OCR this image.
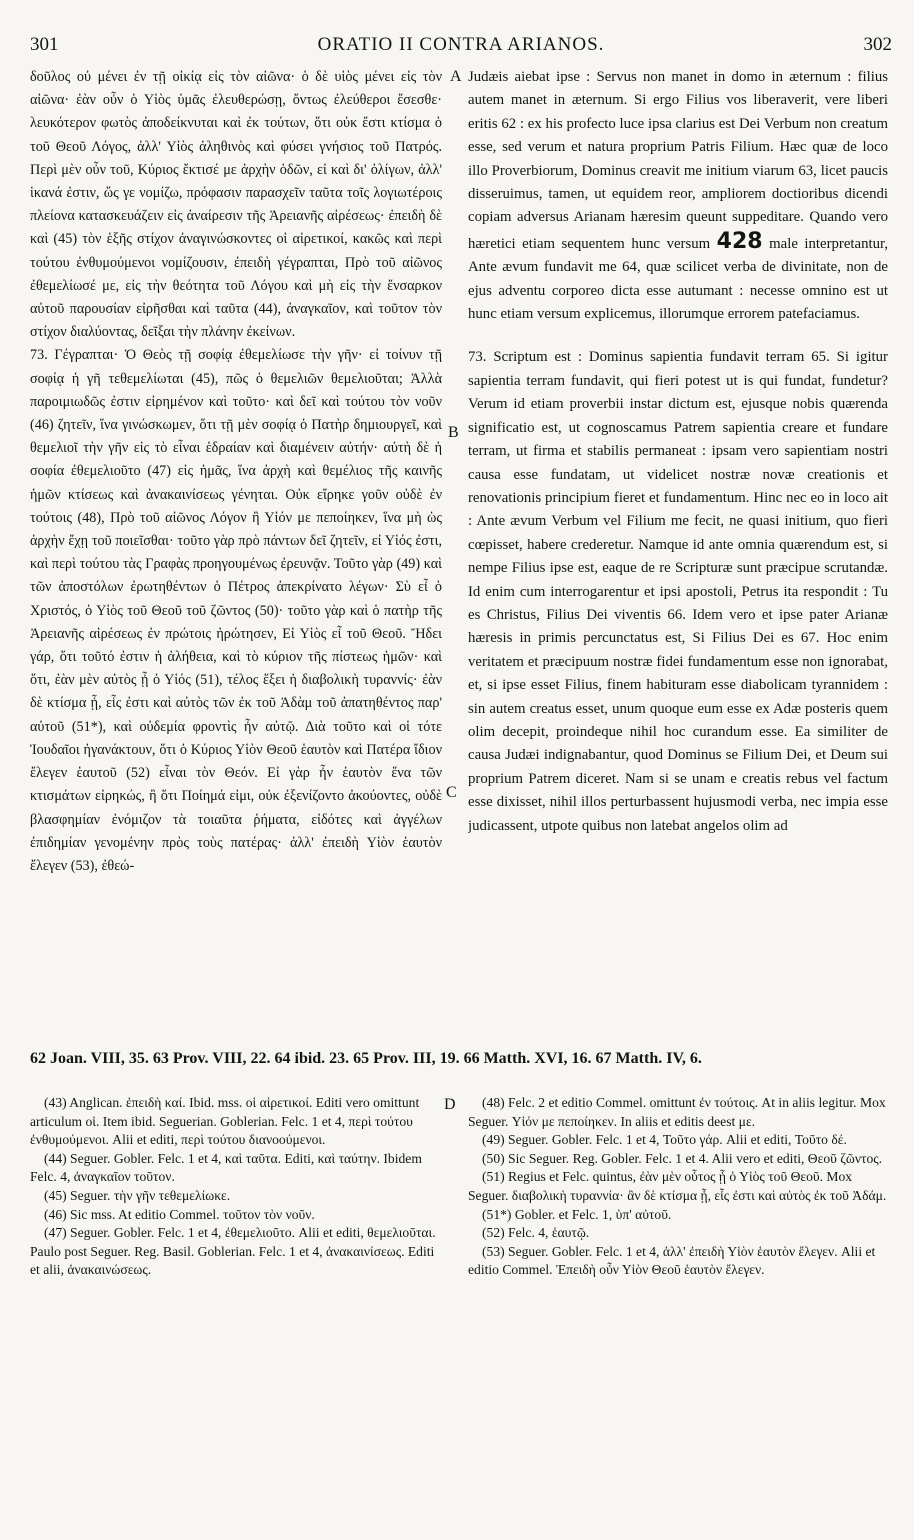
301	ORATIO II CONTRA ARIANOS.	302

δοῦλος οὐ μένει ἐν τῇ οἰκίᾳ εἰς τὸν αἰῶνα· ὁ δὲ υἱὸς μένει εἰς τὸν αἰῶνα· ἐὰν οὖν ὁ Υἱὸς ὑμᾶς ἐλευθερώσῃ, ὄντως ἐλεύθεροι ἔσεσθε· λευκότερον φωτὸς ἀποδείκνυται καὶ ἐκ τούτων, ὅτι οὐκ ἔστι κτίσμα ὁ τοῦ Θεοῦ Λόγος, ἀλλ' Υἱὸς ἀληθινὸς καὶ φύσει γνήσιος τοῦ Πατρός. Περὶ μὲν οὖν τοῦ, Κύριος ἔκτισέ με ἀρχὴν ὁδῶν, εἰ καὶ δι' ὀλίγων, ἀλλ' ἱκανά ἐστιν, ὥς γε νομίζω, πρόφασιν παρασχεῖν ταῦτα τοῖς λογιωτέροις πλείονα κατασκευάζειν εἰς ἀναίρεσιν τῆς Ἀρειανῆς αἱρέσεως· ἐπειδὴ δὲ καὶ (45) τὸν ἑξῆς στίχον ἀναγινώσκοντες οἱ αἱρετικοί, κακῶς καὶ περὶ τούτου ἐνθυμούμενοι νομίζουσιν, ἐπειδὴ γέγραπται, Πρὸ τοῦ αἰῶνος ἐθεμελίωσέ με, εἰς τὴν θεότητα τοῦ Λόγου καὶ μὴ εἰς τὴν ἔνσαρκον αὐτοῦ παρουσίαν εἰρῆσθαι καὶ ταῦτα (44), ἀναγκαῖον, καὶ τοῦτον τὸν στίχον διαλύοντας, δεῖξαι τὴν πλάνην ἐκείνων.

73. Γέγραπται· Ὁ Θεὸς τῇ σοφίᾳ ἐθεμελίωσε τὴν γῆν· εἰ τοίνυν τῇ σοφίᾳ ἡ γῆ τεθεμελίωται (45), πῶς ὁ θεμελιῶν θεμελιοῦται; Ἀλλὰ παροιμιωδῶς ἐστιν εἰρημένον καὶ τοῦτο· καὶ δεῖ καὶ τούτου τὸν νοῦν (46) ζητεῖν, ἵνα γινώσκωμεν, ὅτι τῇ μὲν σοφίᾳ ὁ Πατὴρ δημιουργεῖ, καὶ θεμελιοῖ τὴν γῆν εἰς τὸ εἶναι ἑδραίαν καὶ διαμένειν αὐτήν· αὐτὴ δὲ ἡ σοφία ἐθεμελιοῦτο (47) εἰς ἡμᾶς, ἵνα ἀρχὴ καὶ θεμέλιος τῆς καινῆς ἡμῶν κτίσεως καὶ ἀνακαινίσεως γένηται. Οὐκ εἴρηκε γοῦν οὐδὲ ἐν τούτοις (48), Πρὸ τοῦ αἰῶνος Λόγον ἢ Υἱόν με πεποίηκεν, ἵνα μὴ ὡς ἀρχὴν ἔχῃ τοῦ ποιεῖσθαι· τοῦτο γὰρ πρὸ πάντων δεῖ ζητεῖν, εἰ Υἱός ἐστι, καὶ περὶ τούτου τὰς Γραφὰς προηγουμένως ἐρευνᾷν. Τοῦτο γὰρ (49) καὶ τῶν ἀποστόλων ἐρωτηθέντων ὁ Πέτρος ἀπεκρίνατο λέγων· Σὺ εἶ ὁ Χριστός, ὁ Υἱὸς τοῦ Θεοῦ τοῦ ζῶντος (50)· τοῦτο γὰρ καὶ ὁ πατὴρ τῆς Ἀρειανῆς αἱρέσεως ἐν πρώτοις ἠρώτησεν, Εἰ Υἱὸς εἶ τοῦ Θεοῦ. Ἤδει γάρ, ὅτι τοῦτό ἐστιν ἡ ἀλήθεια, καὶ τὸ κύριον τῆς πίστεως ἡμῶν· καὶ ὅτι, ἐὰν μὲν αὐτὸς ᾖ ὁ Υἱός (51), τέλος ἕξει ἡ διαβολικὴ τυραννίς· ἐὰν δὲ κτίσμα ᾖ, εἷς ἐστι καὶ αὐτὸς τῶν ἐκ τοῦ Ἀδὰμ τοῦ ἀπατηθέντος παρ' αὐτοῦ (51*), καὶ οὐδεμία φροντὶς ἦν αὐτῷ. Διὰ τοῦτο καὶ οἱ τότε Ἰουδαῖοι ἠγανάκτουν, ὅτι ὁ Κύριος Υἱὸν Θεοῦ ἑαυτὸν καὶ Πατέρα ἴδιον ἔλεγεν ἑαυτοῦ (52) εἶναι τὸν Θεόν. Εἰ γὰρ ἦν ἑαυτὸν ἕνα τῶν κτισμάτων εἰρηκώς, ἢ ὅτι Ποίημά εἰμι, οὐκ ἐξενίζοντο ἀκούοντες, οὐδὲ βλασφημίαν ἐνόμιζον τὰ τοιαῦτα ῥήματα, εἰδότες καὶ ἀγγέλων ἐπιδημίαν γενομένην πρὸς τοὺς πατέρας· ἀλλ' ἐπειδὴ Υἱὸν ἑαυτὸν ἔλεγεν (53), ἐθεώ-

A
B
C
D

Judæis aiebat ipse : Servus non manet in domo in æternum : filius autem manet in æternum. Si ergo Filius vos liberaverit, vere liberi eritis 62 : ex his profecto luce ipsa clarius est Dei Verbum non creatum esse, sed verum et natura proprium Patris Filium. Hæc quæ de loco illo Proverbiorum, Dominus creavit me initium viarum 63, licet paucis disseruimus, tamen, ut equidem reor, ampliorem doctioribus dicendi copiam adversus Arianam hæresim queunt suppeditare. Quando vero hæretici etiam sequentem hunc versum 428 male interpretantur, Ante ævum fundavit me 64, quæ scilicet verba de divinitate, non de ejus adventu corporeo dicta esse autumant : necesse omnino est ut hunc etiam versum explicemus, illorumque errorem patefaciamus.

73. Scriptum est : Dominus sapientia fundavit terram 65. Si igitur sapientia terram fundavit, qui fieri potest ut is qui fundat, fundetur? Verum id etiam proverbii instar dictum est, ejusque nobis quærenda significatio est, ut cognoscamus Patrem sapientia creare et fundare terram, ut firma et stabilis permaneat : ipsam vero sapientiam nostri causa esse fundatam, ut videlicet nostræ novæ creationis et renovationis principium fieret et fundamentum. Hinc nec eo in loco ait : Ante ævum Verbum vel Filium me fecit, ne quasi initium, quo fieri cœpisset, habere crederetur. Namque id ante omnia quærendum est, si nempe Filius ipse est, eaque de re Scripturæ sunt præcipue scrutandæ. Id enim cum interrogarentur et ipsi apostoli, Petrus ita respondit : Tu es Christus, Filius Dei viventis 66. Idem vero et ipse pater Arianæ hæresis in primis percunctatus est, Si Filius Dei es 67. Hoc enim veritatem et præcipuum nostræ fidei fundamentum esse non ignorabat, et, si ipse esset Filius, finem habituram esse diabolicam tyrannidem : sin autem creatus esset, unum quoque eum esse ex Adæ posteris quem olim decepit, proindeque nihil hoc curandum esse. Ea similiter de causa Judæi indignabantur, quod Dominus se Filium Dei, et Deum sui proprium Patrem diceret. Nam si se unam e creatis rebus vel factum esse dixisset, nihil illos perturbassent hujusmodi verba, nec impia esse judicassent, utpote quibus non latebat angelos olim ad

62 Joan. VIII, 35. 63 Prov. VIII, 22. 64 ibid. 23. 65 Prov. III, 19. 66 Matth. XVI, 16. 67 Matth. IV, 6.

(43) Anglican. ἐπειδὴ καί. Ibid. mss. οἱ αἱρετικοί. Editi vero omittunt articulum οἱ. Item ibid. Seguerian. Goblerian. Felc. 1 et 4, περὶ τούτου ἐνθυμούμενοι. Alii et editi, περὶ τούτου διανοούμενοι.

(44) Seguer. Gobler. Felc. 1 et 4, καὶ ταῦτα. Editi, καὶ ταύτην. Ibidem Felc. 4, ἀναγκαῖον τοῦτον.

(45) Seguer. τὴν γῆν τεθεμελίωκε.

(46) Sic mss. At editio Commel. τοῦτον τὸν νοῦν.

(47) Seguer. Gobler. Felc. 1 et 4, ἐθεμελιοῦτο. Alii et editi, θεμελιοῦται. Paulo post Seguer. Reg. Basil. Goblerian. Felc. 1 et 4, ἀνακαινίσεως. Editi et alii, ἀνακαινώσεως.

(48) Felc. 2 et editio Commel. omittunt ἐν τούτοις. At in aliis legitur. Mox Seguer. Υἱόν με πεποίηκεν. In aliis et editis deest με.

(49) Seguer. Gobler. Felc. 1 et 4, Τοῦτο γάρ. Alii et editi, Τοῦτο δέ.

(50) Sic Seguer. Reg. Gobler. Felc. 1 et 4. Alii vero et editi, Θεοῦ ζῶντος.

(51) Regius et Felc. quintus, ἐὰν μὲν οὗτος ᾖ ὁ Υἱὸς τοῦ Θεοῦ. Mox Seguer. διαβολικὴ τυραννία· ἂν δὲ κτίσμα ᾖ, εἷς ἐστι καὶ αὐτὸς ἐκ τοῦ Ἀδάμ.

(51*) Gobler. et Felc. 1, ὑπ' αὐτοῦ.

(52) Felc. 4, ἑαυτῷ.

(53) Seguer. Gobler. Felc. 1 et 4, ἀλλ' ἐπειδὴ Υἱὸν ἑαυτὸν ἔλεγεν. Alii et editio Commel. Ἐπειδὴ οὖν Υἱὸν Θεοῦ ἑαυτὸν ἔλεγεν.
